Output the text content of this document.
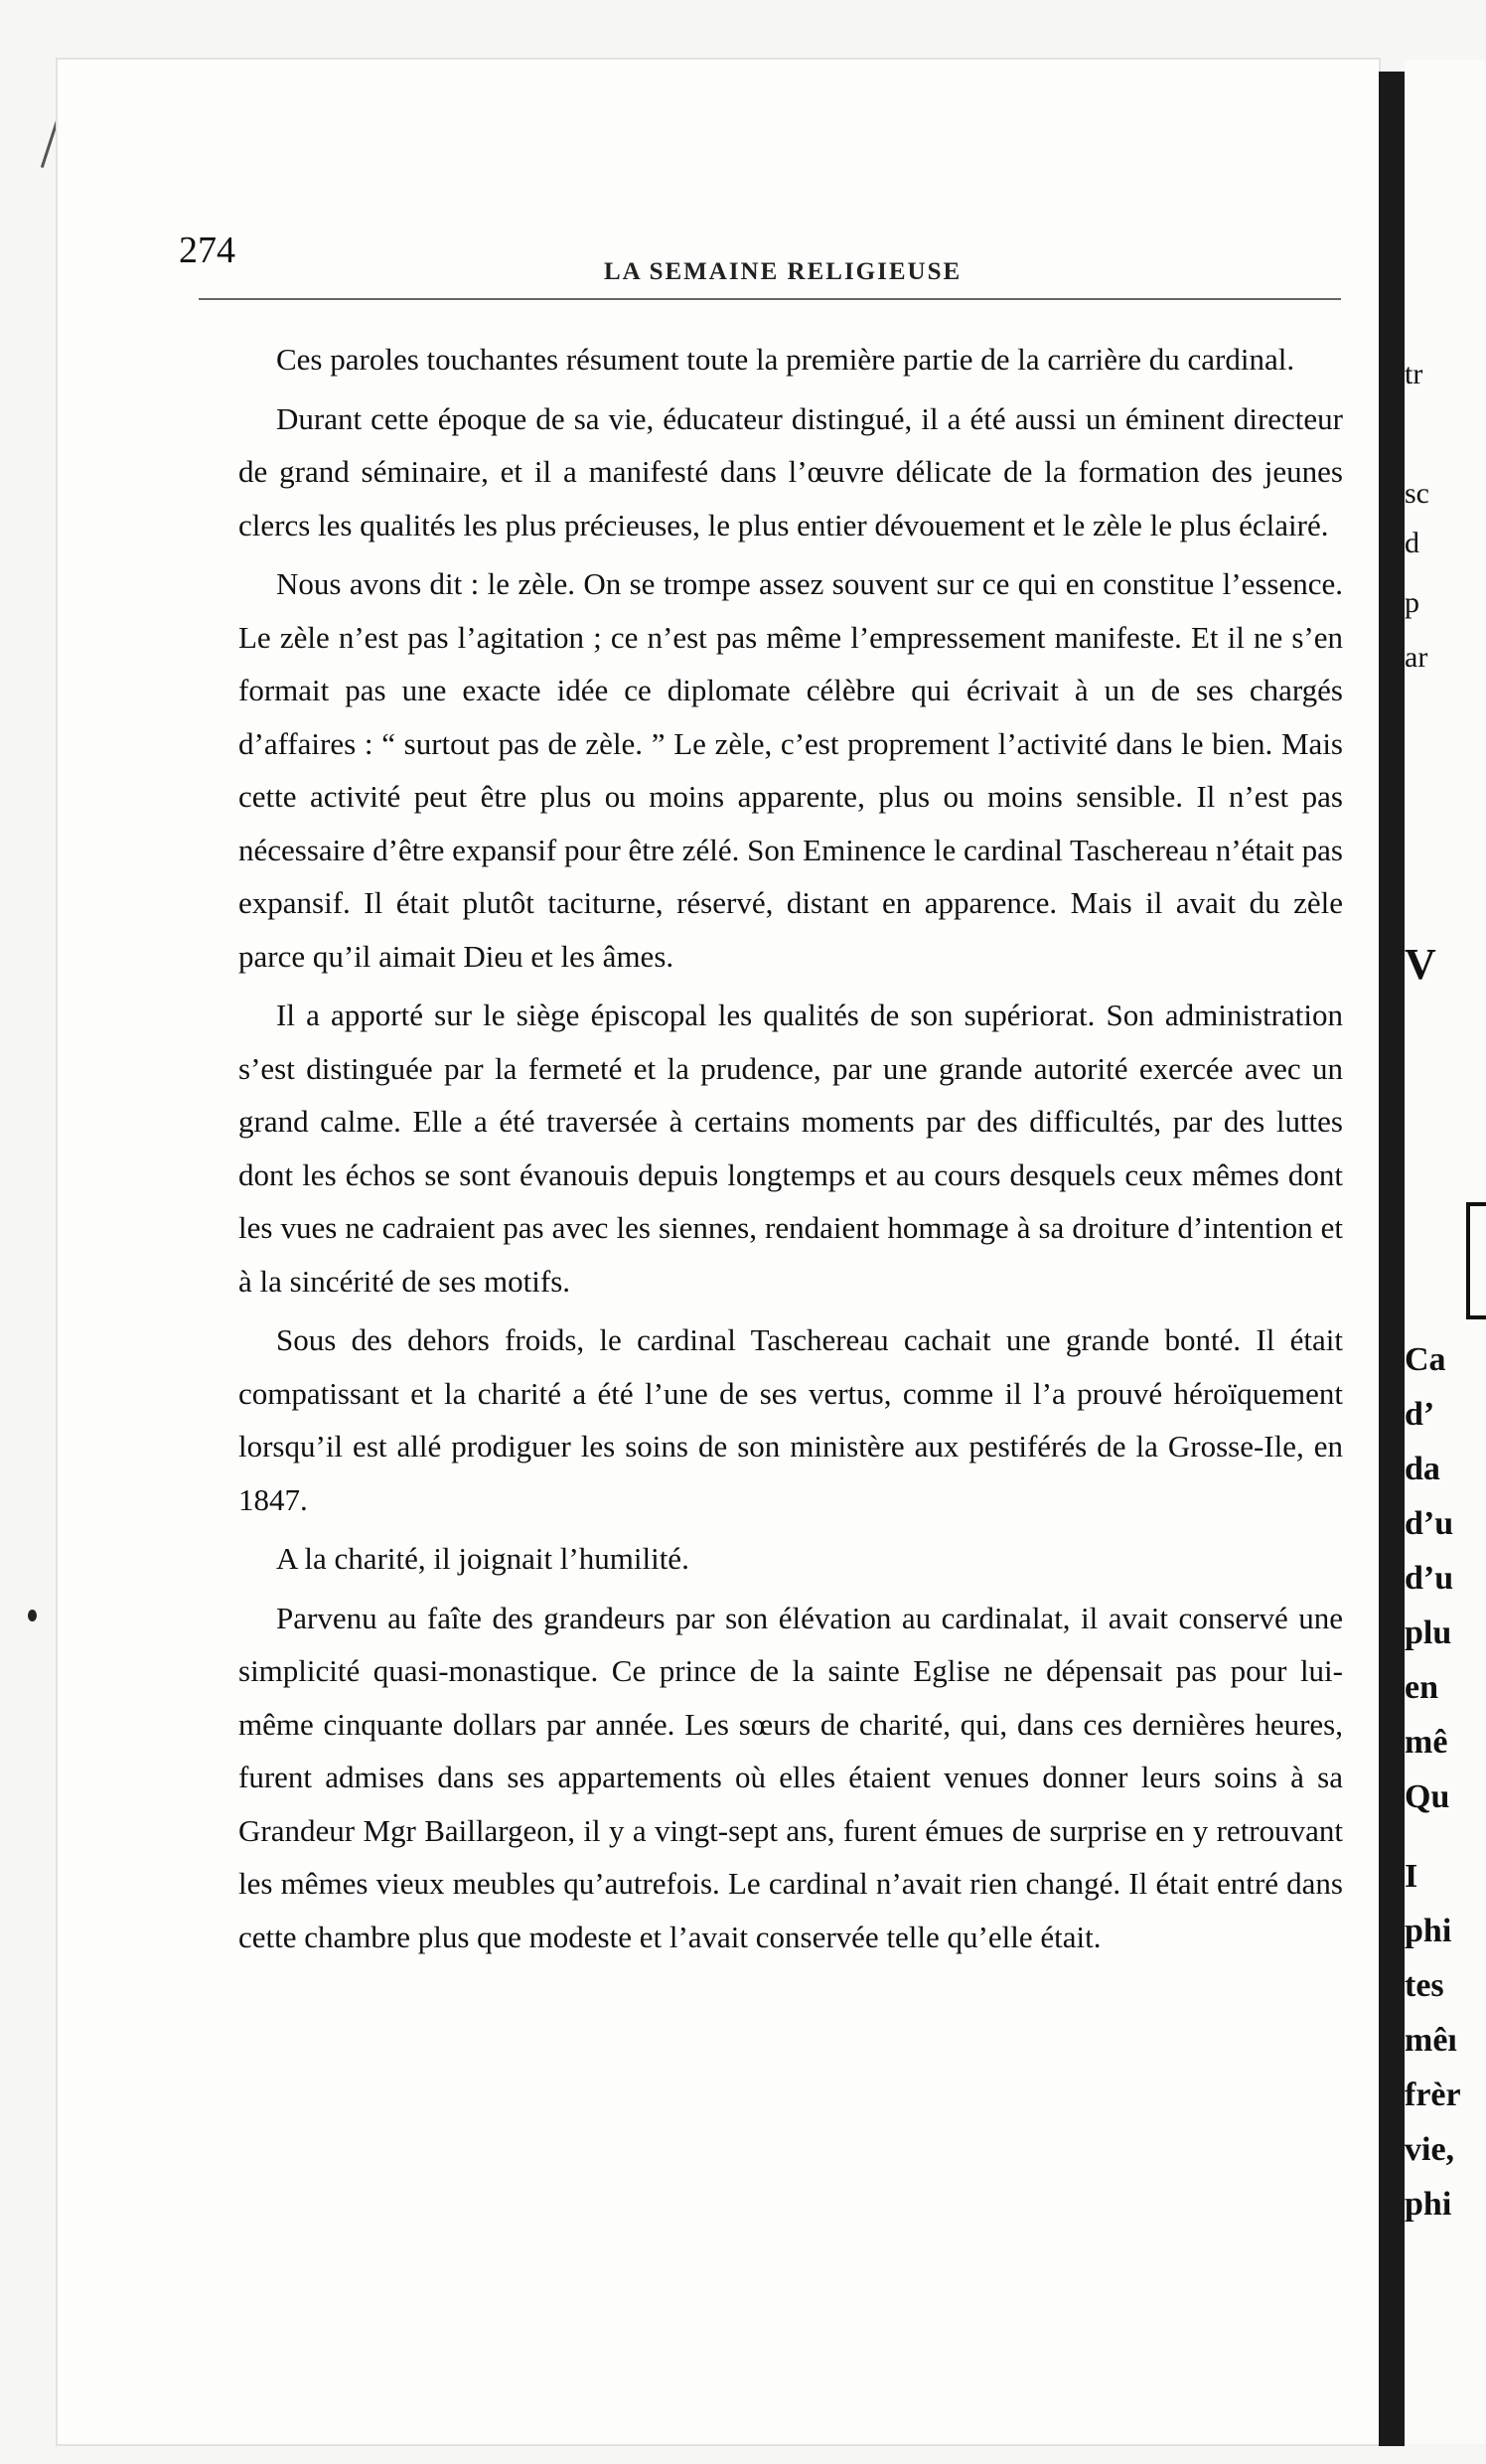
tr
sc
d
p
ar
V
Ca
d’
da
d’u
d’u
plu
en
mê
Qu
I
phi
tes
mêı
frèr
vie,
phi
274
LA SEMAINE RELIGIEUSE

Ces paroles touchantes résument toute la première partie de la carrière du cardinal.

Durant cette époque de sa vie, éducateur distingué, il a été aussi un éminent directeur de grand séminaire, et il a manifesté dans l’œuvre délicate de la formation des jeunes clercs les qualités les plus précieuses, le plus entier dévouement et le zèle le plus éclairé.

Nous avons dit : le zèle. On se trompe assez souvent sur ce qui en constitue l’essence. Le zèle n’est pas l’agitation ; ce n’est pas même l’empressement manifeste. Et il ne s’en formait pas une exacte idée ce diplomate célèbre qui écrivait à un de ses chargés d’affaires : “ surtout pas de zèle. ” Le zèle, c’est proprement l’activité dans le bien. Mais cette activité peut être plus ou moins apparente, plus ou moins sensible. Il n’est pas nécessaire d’être expansif pour être zélé. Son Eminence le cardinal Taschereau n’était pas expansif. Il était plutôt taciturne, réservé, distant en apparence. Mais il avait du zèle parce qu’il aimait Dieu et les âmes.

Il a apporté sur le siège épiscopal les qualités de son supériorat. Son administration s’est distinguée par la fermeté et la prudence, par une grande autorité exercée avec un grand calme. Elle a été traversée à certains moments par des difficultés, par des luttes dont les échos se sont évanouis depuis longtemps et au cours desquels ceux mêmes dont les vues ne cadraient pas avec les siennes, rendaient hommage à sa droiture d’intention et à la sincérité de ses motifs.

Sous des dehors froids, le cardinal Taschereau cachait une grande bonté. Il était compatissant et la charité a été l’une de ses vertus, comme il l’a prouvé héroïquement lorsqu’il est allé prodiguer les soins de son ministère aux pestiférés de la Grosse-Ile, en 1847.

A la charité, il joignait l’humilité.

Parvenu au faîte des grandeurs par son élévation au cardinalat, il avait conservé une simplicité quasi-monastique. Ce prince de la sainte Eglise ne dépensait pas pour lui-même cinquante dollars par année. Les sœurs de charité, qui, dans ces dernières heures, furent admises dans ses appartements où elles étaient venues donner leurs soins à sa Grandeur Mgr Baillargeon, il y a vingt-sept ans, furent émues de surprise en y retrouvant les mêmes vieux meubles qu’autrefois. Le cardinal n’avait rien changé. Il était entré dans cette chambre plus que modeste et l’avait conservée telle qu’elle était.
